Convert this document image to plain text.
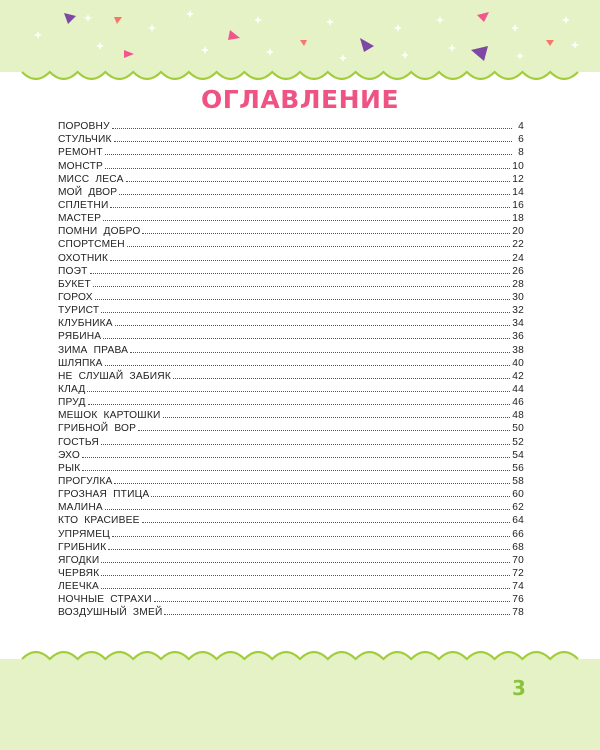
ОГЛАВЛЕНИЕ
ПОРОВНУ	4
СТУЛЬЧИК	6
РЕМОНТ	8
МОНСТР	10
МИСС  ЛЕСА	12
МОЙ  ДВОР	14
СПЛЕТНИ	16
МАСТЕР	18
ПОМНИ  ДОБРО	20
СПОРТСМЕН	22
ОХОТНИК	24
ПОЭТ	26
БУКЕТ	28
ГОРОХ	30
ТУРИСТ	32
КЛУБНИКА	34
РЯБИНА	36
ЗИМА  ПРАВА	38
ШЛЯПКА	40
НЕ  СЛУШАЙ  ЗАБИЯК	42
КЛАД	44
ПРУД	46
МЕШОК  КАРТОШКИ	48
ГРИБНОЙ  ВОР	50
ГОСТЬЯ	52
ЭХО	54
РЫК	56
ПРОГУЛКА	58
ГРОЗНАЯ  ПТИЦА	60
МАЛИНА	62
КТО  КРАСИВЕЕ	64
УПРЯМЕЦ	66
ГРИБНИК	68
ЯГОДКИ	70
ЧЕРВЯК	72
ЛЕЕЧКА	74
НОЧНЫЕ  СТРАХИ	76
ВОЗДУШНЫЙ  ЗМЕЙ	78
3
